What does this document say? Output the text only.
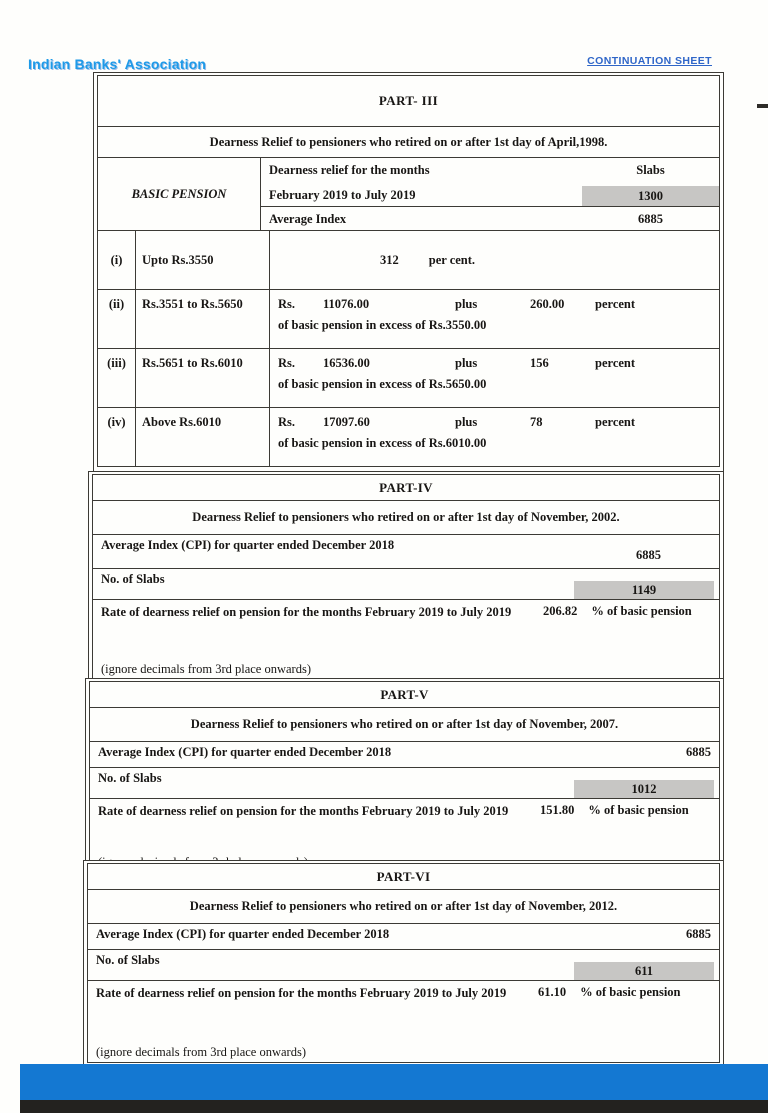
Indian Banks' Association	CONTINUATION SHEET
PART- III
Dearness Relief to pensioners who retired on or after 1st day of April,1998.
BASIC PENSION
Dearness relief for the months	Slabs
February 2019 to July 2019	1300
Average Index	6885
(i)	Upto Rs.3550	312 per cent.
(ii)	Rs.3551 to Rs.5650	Rs.	11076.00	plus	260.00	percent
of basic pension in excess of Rs.3550.00
(iii)	Rs.5651 to Rs.6010	Rs.	16536.00	plus	156	percent
of basic pension in excess of Rs.5650.00
(iv)	Above Rs.6010	Rs.	17097.60	plus	78	percent
of basic pension in excess of Rs.6010.00
PART-IV
Dearness Relief to pensioners who retired on or after 1st day of November, 2002.
Average Index (CPI) for quarter ended December 2018
6885
No. of Slabs
1149
Rate of dearness relief on pension for the months February 2019 to July 2019	206.82 % of basic pension
(ignore decimals from 3rd place onwards)
PART-V
Dearness Relief to pensioners who retired on or after 1st day of November, 2007.
Average Index (CPI) for quarter ended December 2018	6885
No. of Slabs
1012
Rate of dearness relief on pension for the months February 2019 to July 2019	151.80 % of basic pension
PART-VI
Dearness Relief to pensioners who retired on or after 1st day of November, 2012.
Average Index (CPI) for quarter ended December 2018	6885
No. of Slabs
611
Rate of dearness relief on pension for the months February 2019 to July 2019	61.10 % of basic pension
(ignore decimals from 3rd place onwards)
